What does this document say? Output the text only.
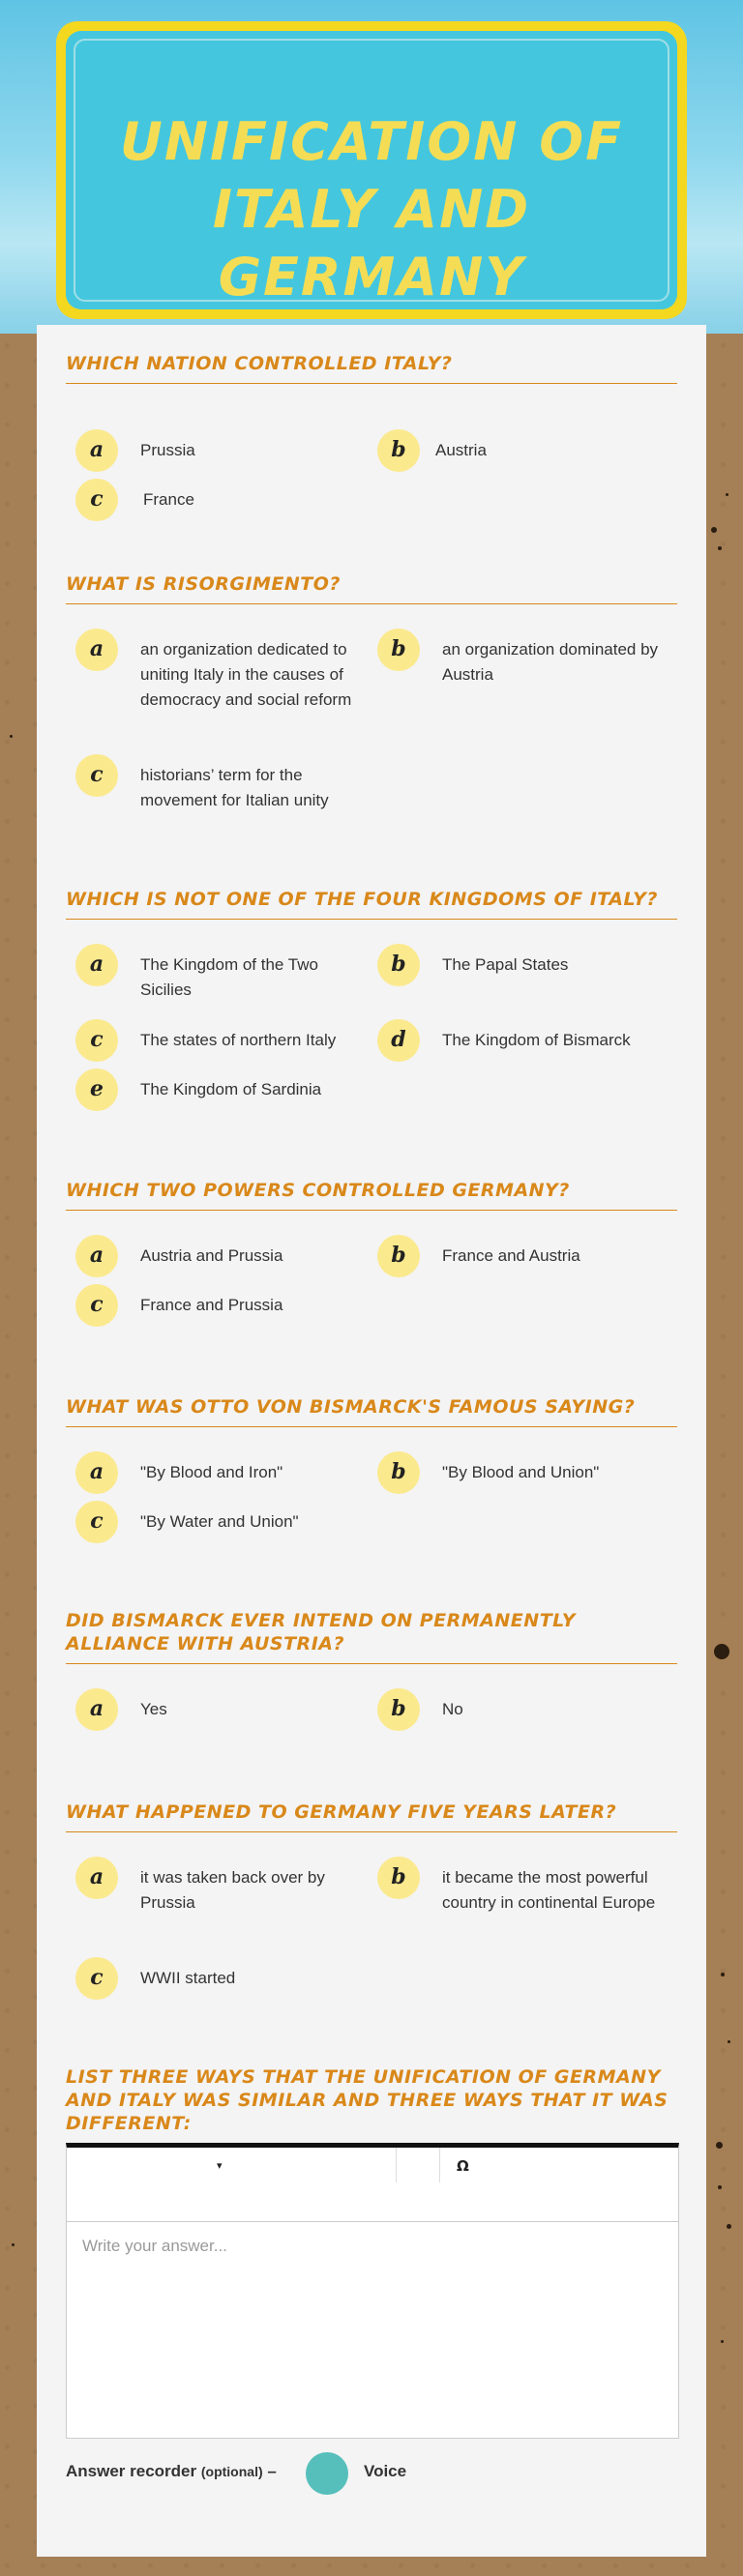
UNIFICATION OF ITALY AND GERMANY
WHICH NATION CONTROLLED ITALY?
a	Prussia	b	Austria
c	France
WHAT IS RISORGIMENTO?
a	an organization dedicated to uniting Italy in the causes of democracy and social reform
b	an organization dominated by Austria
c	historians’ term for the movement for Italian unity
WHICH IS NOT ONE OF THE FOUR KINGDOMS OF ITALY?
a	The Kingdom of the Two Sicilies
b	The Papal States
c	The states of northern Italy	d	The Kingdom of Bismarck
e	The Kingdom of Sardinia
WHICH TWO POWERS CONTROLLED GERMANY?
a	Austria and Prussia	b	France and Austria
c	France and Prussia
WHAT WAS OTTO VON BISMARCK'S FAMOUS SAYING?
a	"By Blood and Iron"	b	"By Blood and Union"
c	"By Water and Union"
DID BISMARCK EVER INTEND ON PERMANENTLY ALLIANCE WITH AUSTRIA?
a	Yes	b	No
WHAT HAPPENED TO GERMANY FIVE YEARS LATER?
a	it was taken back over by Prussia
b	it became the most powerful country in continental Europe
c	WWII started
LIST THREE WAYS THAT THE UNIFICATION OF GERMANY AND ITALY WAS SIMILAR AND THREE WAYS THAT IT WAS DIFFERENT:
▾	Ω
Write your answer...
Answer recorder (optional) –	Voice
